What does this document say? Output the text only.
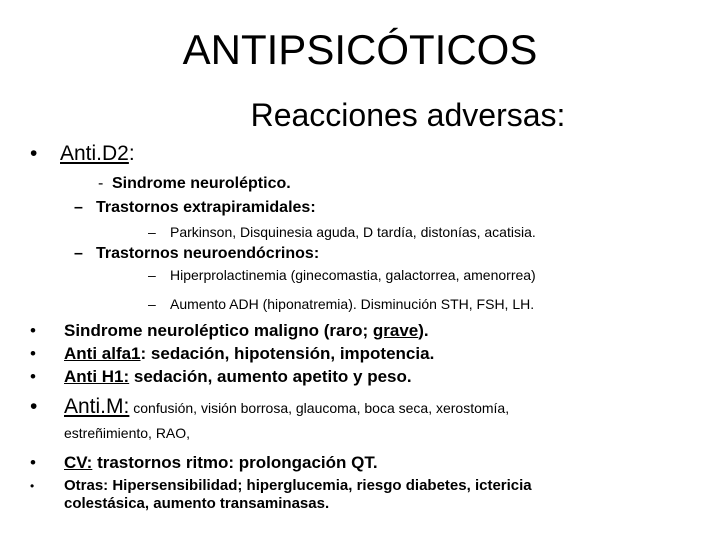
ANTIPSICÓTICOS
Reacciones adversas:
• Anti.D2:
- Sindrome neuroléptico.
– Trastornos extrapiramidales:
– Parkinson, Disquinesia aguda, D tardía, distonías, acatisia.
– Trastornos neuroendócrinos:
– Hiperprolactinemia (ginecomastia, galactorrea, amenorrea)
– Aumento ADH (hiponatremia). Disminución STH, FSH, LH.
• Sindrome neuroléptico maligno (raro; grave).
• Anti alfa1: sedación, hipotensión, impotencia.
• Anti H1: sedación, aumento apetito y peso.
• Anti.M: confusión, visión borrosa, glaucoma, boca seca, xerostomía,
estreñimiento, RAO,
• CV: trastornos ritmo: prolongación QT.
• Otras: Hipersensibilidad; hiperglucemia, riesgo diabetes, ictericia
colestásica, aumento transaminasas.
